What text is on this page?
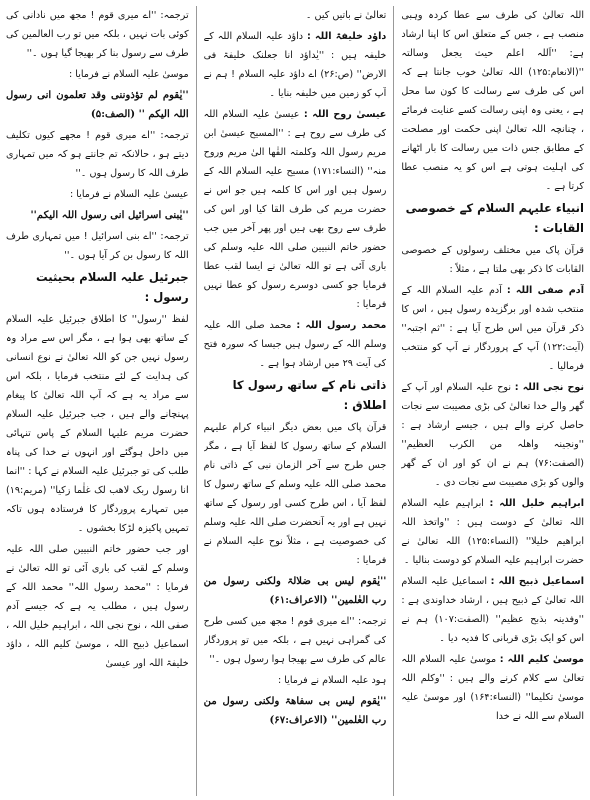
اللہ تعالیٰ کی طرف سے عطا کردہ وہبی منصب ہے ، جس کے متعلق اس کا اپنا ارشاد ہے: ''اَللہ اعلم حیث یجعل وسالتہ ''(الانعام:۱۲۵) اللہ تعالیٰ خوب جانتا ہے کہ اس کی طرف سے رسالت کا کون سا محل ہے ، یعنی وہ اپنی رسالت کسے عنایت فرمائے ، چنانچہ اللہ تعالیٰ اپنی حکمت اور مصلحت کے مطابق جس ذات میں رسالت کا بار اٹھانے کی اہلیت ہوتی ہے اس کو یہ منصب عطا کرتا ہے ۔

انبیاء علیہم السلام کے خصوصی القابات :

قرآن پاک میں مختلف رسولوں کے خصوصی القابات کا ذکر بھی ملتا ہے ، مثلاً :

آدم صفی اللہ : آدم علیہ السلام اللہ کے منتخب شدہ اور برگزیدہ رسول ہیں ، اس کا ذکر قرآن میں اس طرح آیا ہے : ''ثم اجتبہ'' (آیت:۱۲۲) آپ کے پروردگار نے آپ کو منتخب فرمالیا ۔

نوح نجی اللہ : نوح علیہ السلام اور آپ کے گھر والے خدا تعالیٰ کی بڑی مصیبت سے نجات حاصل کرنے والے ہیں ، جیسے ارشاد ہے : ''ونجینہ واھلہ من الکرب العظیم'' (الصفت:۷۶) ہم نے ان کو اور ان کے گھر والوں کو بڑی مصیبت سے نجات دی ۔

ابراہیم خلیل اللہ : ابراہیم علیہ السلام اللہ تعالیٰ کے دوست ہیں : ''واتخذ اللہ ابراھیم خلیلا'' (النساء:۱۲۵) اللہ تعالیٰ نے حضرت ابراہیم علیہ السلام کو دوست بنالیا ۔

اسماعیل ذبیح اللہ : اسماعیل علیہ السلام اللہ تعالیٰ کے ذبیح ہیں ، ارشاد خداوندی ہے : ''وفدینہ بذبح عظیم'' (الصفت:۱۰۷) ہم نے اس کو ایک بڑی قربانی کا فدیہ دیا ۔

موسیٰ کلیم اللہ : موسیٰ علیہ السلام اللہ تعالیٰ سے کلام کرنے والے ہیں : ''وکلم اللہ موسیٰ تکلیما'' (النساء:۱۶۴) اور موسیٰ علیہ السلام سے اللہ نے خدا

تعالیٰ نے باتیں کیں ۔

داؤد خلیفۃ اللہ : داؤد علیہ السلام اللہ کے خلیفہ ہیں : ''یٰداؤد انا جعلنک خلیفۃ فی الارض'' (ص:۲۶) اے داؤد علیہ السلام ! ہم نے آپ کو زمین میں خلیفہ بنایا ۔

عیسیٰ روح اللہ : عیسیٰ علیہ السلام اللہ کی طرف سے روح ہے : ''المسیح عیسیٰ ابن مریم رسول اللہ وکلمتہ القٰھا الیٰ مریم وروح منہ'' (النساء:۱۷۱) مسیح علیہ السلام اللہ کے رسول ہیں اور اس کا کلمہ ہیں جو اس نے حضرت مریم کی طرف القا کیا اور اس کی طرف سے روح بھی ہیں اور پھر آخر میں جب حضور خاتم النبیین صلی اللہ علیہ وسلم کی باری آئی ہے تو اللہ تعالیٰ نے ایسا لقب عطا فرمایا جو کسی دوسرے رسول کو عطا نہیں فرمایا :

محمد رسول اللہ : محمد صلی اللہ علیہ وسلم اللہ کے رسول ہیں جیسا کہ سورہ فتح کی آیت ۲۹ میں ارشاد ہوا ہے ۔

ذاتی نام کے ساتھ رسول کا اطلاق :

قرآن پاک میں بعض دیگر انبیاء کرام علیہم السلام کے ساتھ رسول کا لفظ آیا ہے ، مگر جس طرح سے آخر الزمان نبی کے ذاتی نام محمد صلی اللہ علیہ وسلم کے ساتھ رسول کا لفظ آیا ، اس طرح کسی اور رسول کے ساتھ نہیں ہے اور یہ آنحضرت صلی اللہ علیہ وسلم کی خصوصیت ہے ، مثلاً نوح علیہ السلام نے فرمایا :

''یٰقوم لیس بی ضلالۃ ولکنی رسول من رب العٰلمین'' (الاعراف:۶۱)

ترجمہ: ''اے میری قوم ! مجھ میں کسی طرح کی گمراہی نہیں ہے ، بلکہ میں تو پروردگار عالم کی طرف سے بھیجا ہوا رسول ہوں ۔''

ہود علیہ السلام نے فرمایا :

''یٰقوم لیس بی سفاھۃ ولکنی رسول من رب العٰلمین'' (الاعراف:۶۷)

ترجمہ: ''اے میری قوم ! مجھ میں نادانی کی کوئی بات نہیں ، بلکہ میں تو رب العالمین کی طرف سے رسول بنا کر بھیجا گیا ہوں ۔''

موسیٰ علیہ السلام نے فرمایا :

''یٰقوم لم تؤذوننی وقد تعلمون انی رسول اللہ الیکم '' (الصف:۵)

ترجمہ: ''اے میری قوم ! مجھے کیوں تکلیف دیتے ہو ، حالانکہ تم جانتے ہو کہ میں تمہاری طرف اللہ کا رسول ہوں ۔''

عیسیٰ علیہ السلام نے فرمایا :

''یٰبنی اسرائیل انی رسول اللہ الیکم''

ترجمہ: ''اے بنی اسرائیل ! میں تمہاری طرف اللہ کا رسول بن کر آیا ہوں ۔''

جبرئیل علیہ السلام بحیثیت رسول :

لفظ ''رسول'' کا اطلاق جبرئیل علیہ السلام کے ساتھ بھی ہوا ہے ، مگر اس سے مراد وہ رسول نہیں جن کو اللہ تعالیٰ نے نوع انسانی کی ہدایت کے لئے منتخب فرمایا ، بلکہ اس سے مراد یہ ہے کہ آپ اللہ تعالیٰ کا پیغام پہنچانے والے ہیں ، جب جبرئیل علیہ السلام حضرت مریم علیہا السلام کے پاس تنہائی میں داخل ہوگئے اور انہوں نے خدا کی پناہ طلب کی تو جبرئیل علیہ السلام نے کہا : ''انما انا رسول ربک لاھب لک غلٰما زکیا'' (مریم:۱۹) میں تمہارے پروردگار کا فرستادہ ہوں تاکہ تمہیں پاکیزہ لڑکا بخشوں ۔

اور جب حضور خاتم النبیین صلی اللہ علیہ وسلم کے لقب کی باری آئی تو اللہ تعالیٰ نے فرمایا : ''محمد رسول اللہ'' محمد اللہ کے رسول ہیں ، مطلب یہ ہے کہ جیسے آدم صفی اللہ ، نوح نجی اللہ ، ابراہیم خلیل اللہ ، اسماعیل ذبیح اللہ ، موسیٰ کلیم اللہ ، داؤد خلیفۃ اللہ اور عیسیٰ
